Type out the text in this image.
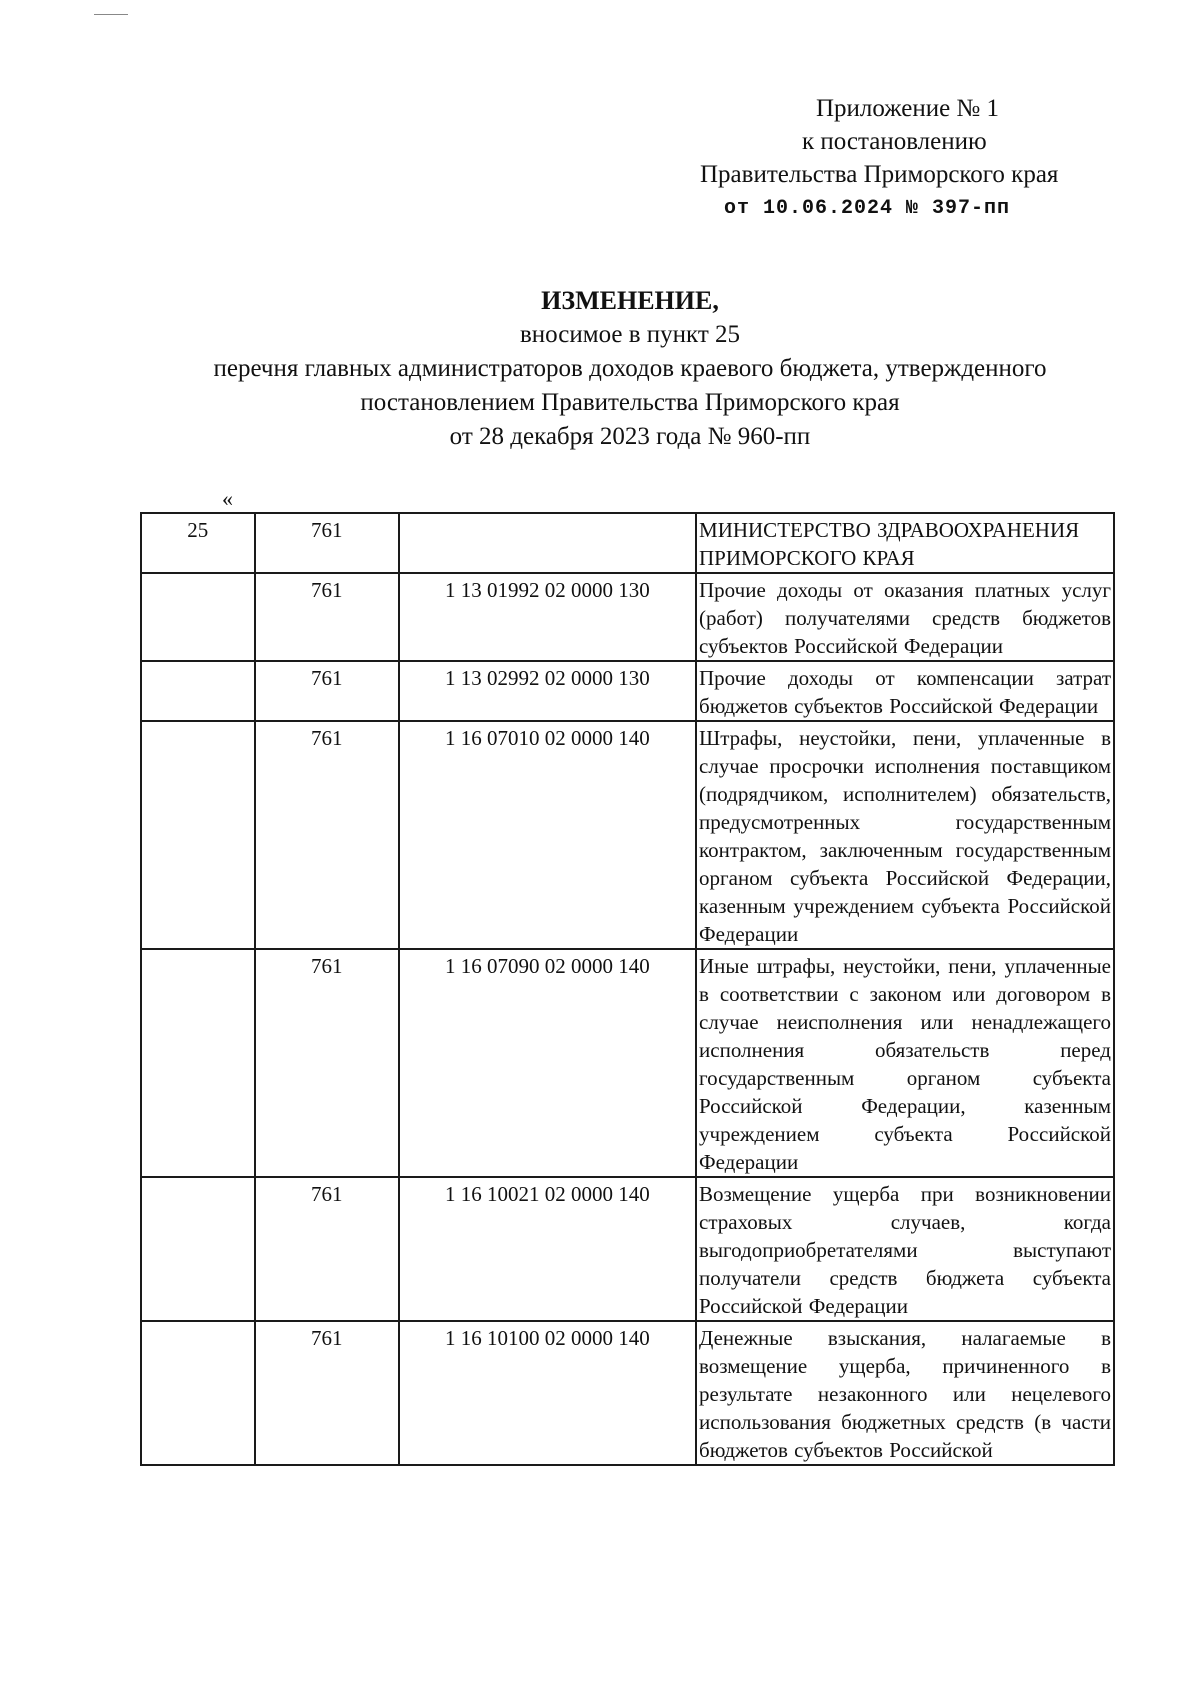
Приложение № 1
к постановлению
Правительства Приморского края
от 10.06.2024 № 397-пп
ИЗМЕНЕНИЕ,
вносимое в пункт 25
перечня главных администраторов доходов краевого бюджета, утвержденного
постановлением Правительства Приморского края
от 28 декабря 2023 года № 960-пп
«
25	761		МИНИСТЕРСТВО ЗДРАВООХРАНЕНИЯ ПРИМОРСКОГО КРАЯ
	761	1 13 01992 02 0000 130	Прочие доходы от оказания платных услуг (работ) получателями средств бюджетов субъектов Российской Федерации
	761	1 13 02992 02 0000 130	Прочие доходы от компенсации затрат бюджетов субъектов Российской Федерации
	761	1 16 07010 02 0000 140	Штрафы, неустойки, пени, уплаченные в случае просрочки исполнения поставщиком (подрядчиком, исполнителем) обязательств, предусмотренных государственным контрактом, заключенным государственным органом субъекта Российской Федерации, казенным учреждением субъекта Российской Федерации
	761	1 16 07090 02 0000 140	Иные штрафы, неустойки, пени, уплаченные в соответствии с законом или договором в случае неисполнения или ненадлежащего исполнения обязательств перед государственным органом субъекта Российской Федерации, казенным учреждением субъекта Российской Федерации
	761	1 16 10021 02 0000 140	Возмещение ущерба при возникновении страховых случаев, когда выгодоприобретателями выступают получатели средств бюджета субъекта Российской Федерации
	761	1 16 10100 02 0000 140	Денежные взыскания, налагаемые в возмещение ущерба, причиненного в результате незаконного или нецелевого использования бюджетных средств (в части бюджетов субъектов Российской
